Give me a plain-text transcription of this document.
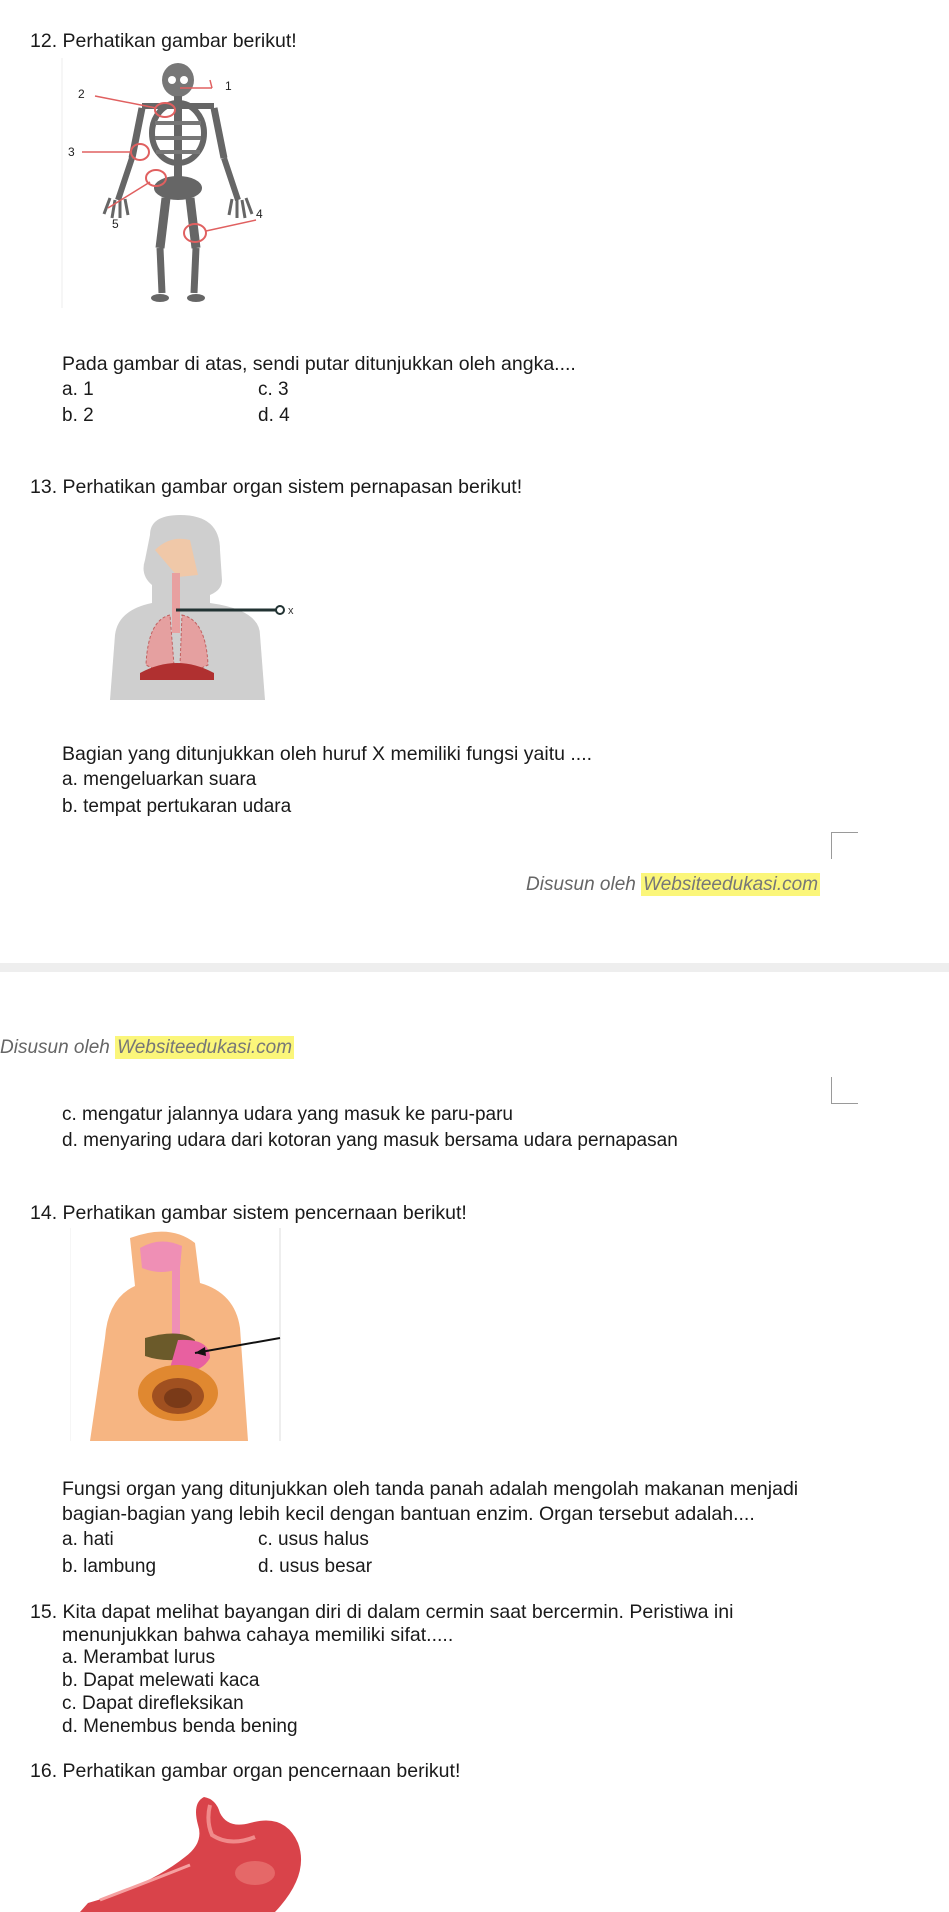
12. Perhatikan gambar berikut!
2
1
3
4
5
Pada gambar di atas, sendi putar ditunjukkan oleh angka....
a. 1	c. 3
b. 2	d. 4
13. Perhatikan gambar organ sistem pernapasan berikut!
x
Bagian yang ditunjukkan oleh huruf X memiliki fungsi yaitu ....
a. mengeluarkan suara
b. tempat pertukaran udara
Disusun oleh Websiteedukasi.com
Disusun oleh Websiteedukasi.com
c. mengatur jalannya udara yang masuk ke paru-paru
d. menyaring udara dari kotoran yang masuk bersama udara pernapasan
14. Perhatikan gambar sistem pencernaan berikut!
Fungsi organ yang ditunjukkan oleh tanda panah adalah mengolah makanan menjadi
bagian-bagian yang lebih kecil dengan bantuan enzim. Organ tersebut adalah....
a. hati	c. usus halus
b. lambung	d. usus besar
15. Kita dapat melihat bayangan diri di dalam cermin saat bercermin. Peristiwa ini
menunjukkan bahwa cahaya memiliki sifat.....
a. Merambat lurus
b. Dapat melewati kaca
c. Dapat direfleksikan
d. Menembus benda bening
16. Perhatikan gambar organ pencernaan berikut!
